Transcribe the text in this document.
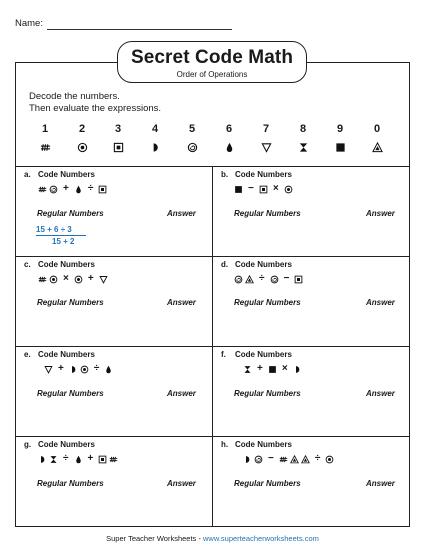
Name:
Secret Code Math
Order of Operations
Decode the numbers.
Then evaluate the expressions.
1	2	3	4	5	6	7	8	9	0
a. Code Numbers
+ ÷
Regular Numbers	Answer
15 + 6 ÷ 3
15 + 2
b. Code Numbers
− ×
Regular Numbers	Answer
c. Code Numbers
× +
Regular Numbers	Answer
d. Code Numbers
÷ −
Regular Numbers	Answer
e. Code Numbers
+	÷
Regular Numbers	Answer
f. Code Numbers
+ ×
Regular Numbers	Answer
g. Code Numbers
÷ +
Regular Numbers	Answer
h. Code Numbers
−	÷
Regular Numbers	Answer
Super Teacher Worksheets - www.superteacherworksheets.com
